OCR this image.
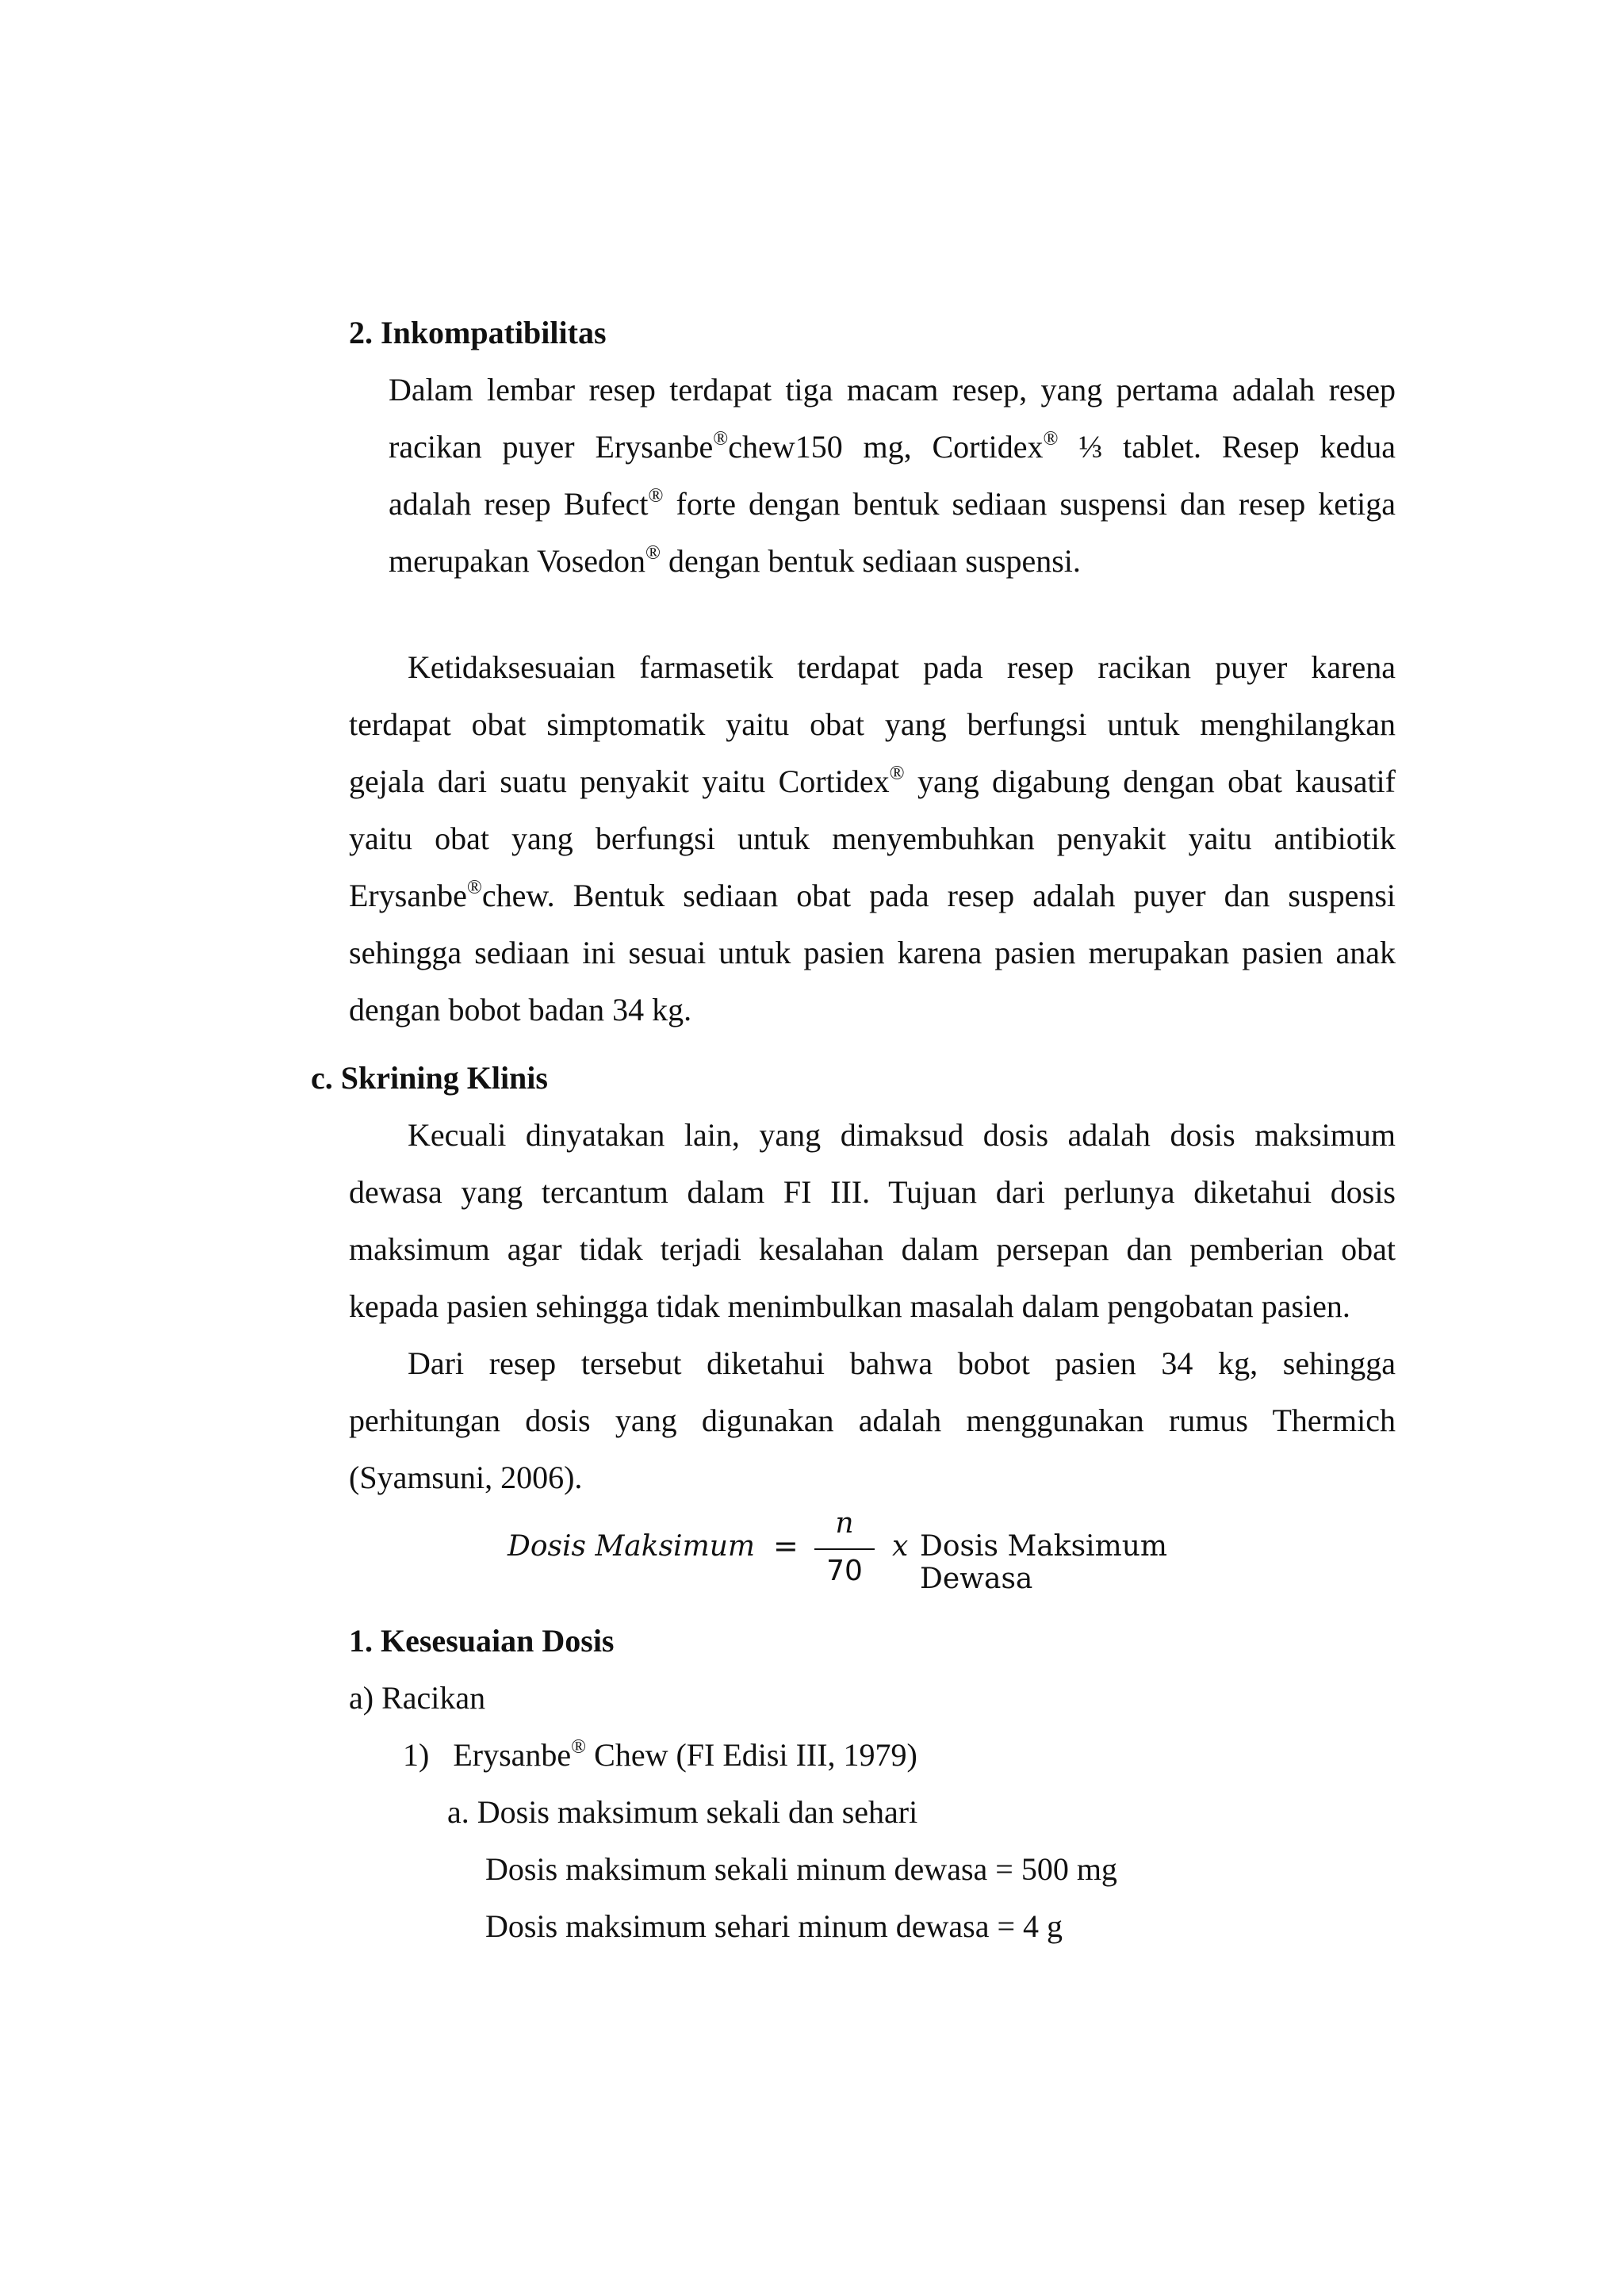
2. Inkompatibilitas
Dalam lembar resep terdapat tiga macam resep, yang pertama adalah resep
racikan puyer Erysanbe®chew150 mg, Cortidex® ⅓ tablet. Resep kedua
adalah resep Bufect® forte dengan bentuk sediaan suspensi dan resep ketiga
merupakan Vosedon® dengan bentuk sediaan suspensi.
Ketidaksesuaian farmasetik terdapat pada resep racikan puyer karena
terdapat obat simptomatik yaitu obat yang berfungsi untuk menghilangkan
gejala dari suatu penyakit yaitu Cortidex® yang digabung dengan obat kausatif
yaitu obat yang berfungsi untuk menyembuhkan penyakit yaitu antibiotik
Erysanbe®chew. Bentuk sediaan obat pada resep adalah puyer dan suspensi
sehingga sediaan ini sesuai untuk pasien karena pasien merupakan pasien anak
dengan bobot badan 34 kg.
c. Skrining Klinis
Kecuali dinyatakan lain, yang dimaksud dosis adalah dosis maksimum
dewasa yang tercantum dalam FI III. Tujuan dari perlunya diketahui dosis
maksimum agar tidak terjadi kesalahan dalam persepan dan pemberian obat
kepada pasien sehingga tidak menimbulkan masalah dalam pengobatan pasien.
Dari resep tersebut diketahui bahwa bobot pasien 34 kg, sehingga
perhitungan dosis yang digunakan adalah menggunakan rumus Thermich
(Syamsuni, 2006).
Dosis Maksimum =
n
70
x Dosis Maksimum Dewasa
1. Kesesuaian Dosis
a) Racikan
1) Erysanbe® Chew (FI Edisi III, 1979)
a. Dosis maksimum sekali dan sehari
Dosis maksimum sekali minum dewasa = 500 mg
Dosis maksimum sehari minum dewasa = 4 g
